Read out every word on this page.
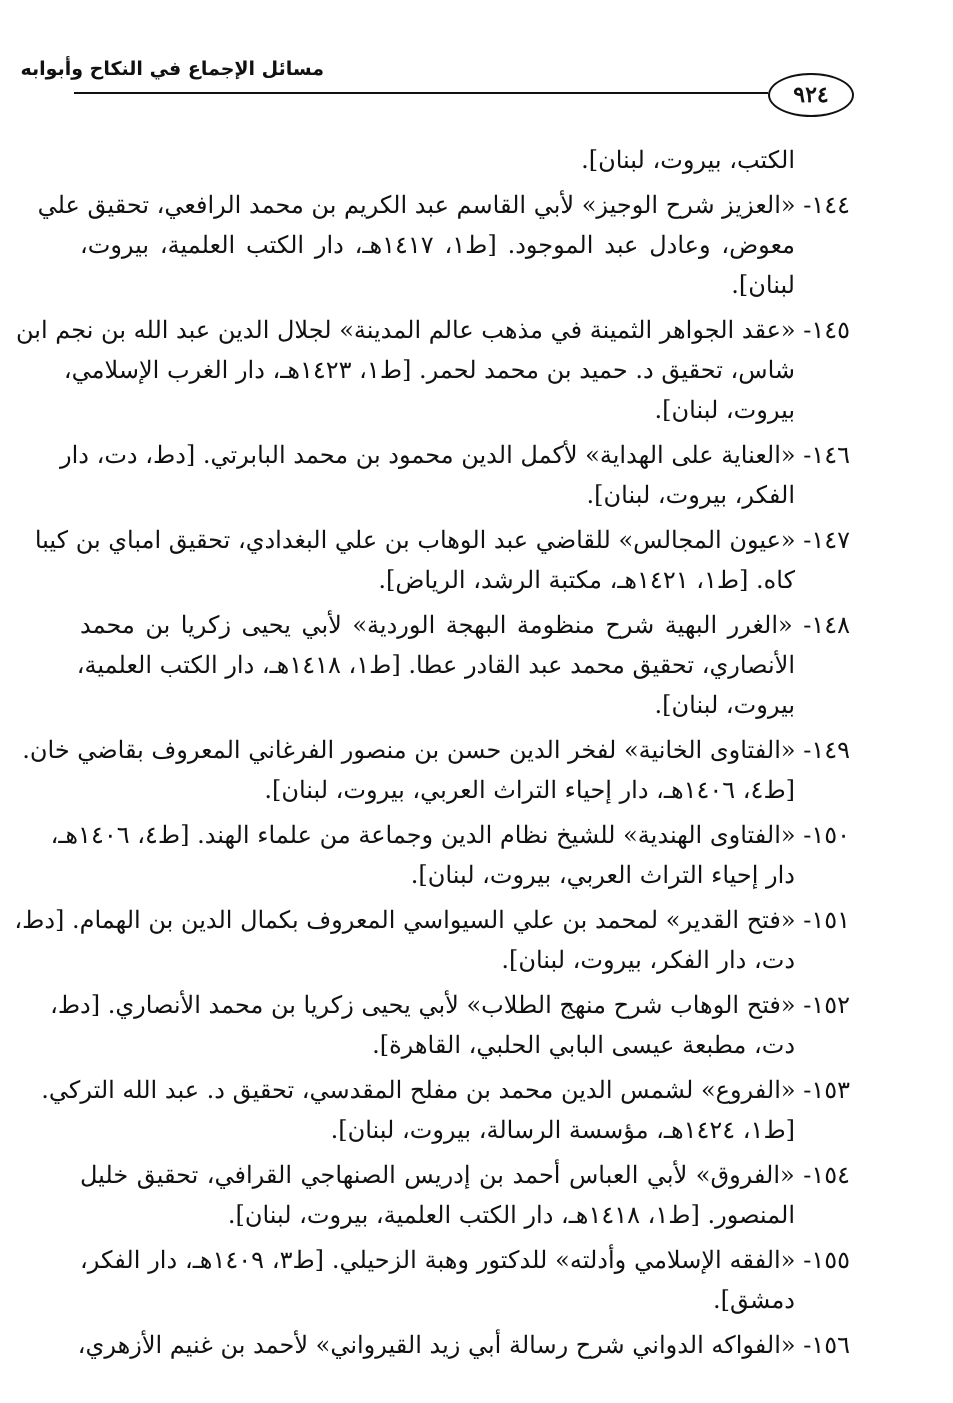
مسائل الإجماع في النكاح وأبوابه
٩٢٤
الكتب، بيروت، لبنان].
١٤٤- «العزيز شرح الوجيز» لأبي القاسم عبد الكريم بن محمد الرافعي، تحقيق علي
معوض، وعادل عبد الموجود. [ط١، ١٤١٧هـ، دار الكتب العلمية، بيروت،
لبنان].
١٤٥- «عقد الجواهر الثمينة في مذهب عالم المدينة» لجلال الدين عبد الله بن نجم ابن
شاس، تحقيق د. حميد بن محمد لحمر. [ط١، ١٤٢٣هـ، دار الغرب الإسلامي،
بيروت، لبنان].
١٤٦- «العناية على الهداية» لأكمل الدين محمود بن محمد البابرتي. [دط، دت، دار
الفكر، بيروت، لبنان].
١٤٧- «عيون المجالس» للقاضي عبد الوهاب بن علي البغدادي، تحقيق امباي بن كيبا
كاه. [ط١، ١٤٢١هـ، مكتبة الرشد، الرياض].
١٤٨- «الغرر البهية شرح منظومة البهجة الوردية» لأبي يحيى زكريا بن محمد
الأنصاري، تحقيق محمد عبد القادر عطا. [ط١، ١٤١٨هـ، دار الكتب العلمية،
بيروت، لبنان].
١٤٩- «الفتاوى الخانية» لفخر الدين حسن بن منصور الفرغاني المعروف بقاضي خان.
[ط٤، ١٤٠٦هـ، دار إحياء التراث العربي، بيروت، لبنان].
١٥٠- «الفتاوى الهندية» للشيخ نظام الدين وجماعة من علماء الهند. [ط٤، ١٤٠٦هـ،
دار إحياء التراث العربي، بيروت، لبنان].
١٥١- «فتح القدير» لمحمد بن علي السيواسي المعروف بكمال الدين بن الهمام. [دط،
دت، دار الفكر، بيروت، لبنان].
١٥٢- «فتح الوهاب شرح منهج الطلاب» لأبي يحيى زكريا بن محمد الأنصاري. [دط،
دت، مطبعة عيسى البابي الحلبي، القاهرة].
١٥٣- «الفروع» لشمس الدين محمد بن مفلح المقدسي، تحقيق د. عبد الله التركي.
[ط١، ١٤٢٤هـ، مؤسسة الرسالة، بيروت، لبنان].
١٥٤- «الفروق» لأبي العباس أحمد بن إدريس الصنهاجي القرافي، تحقيق خليل
المنصور. [ط١، ١٤١٨هـ، دار الكتب العلمية، بيروت، لبنان].
١٥٥- «الفقه الإسلامي وأدلته» للدكتور وهبة الزحيلي. [ط٣، ١٤٠٩هـ، دار الفكر،
دمشق].
١٥٦- «الفواكه الدواني شرح رسالة أبي زيد القيرواني» لأحمد بن غنيم الأزهري،
